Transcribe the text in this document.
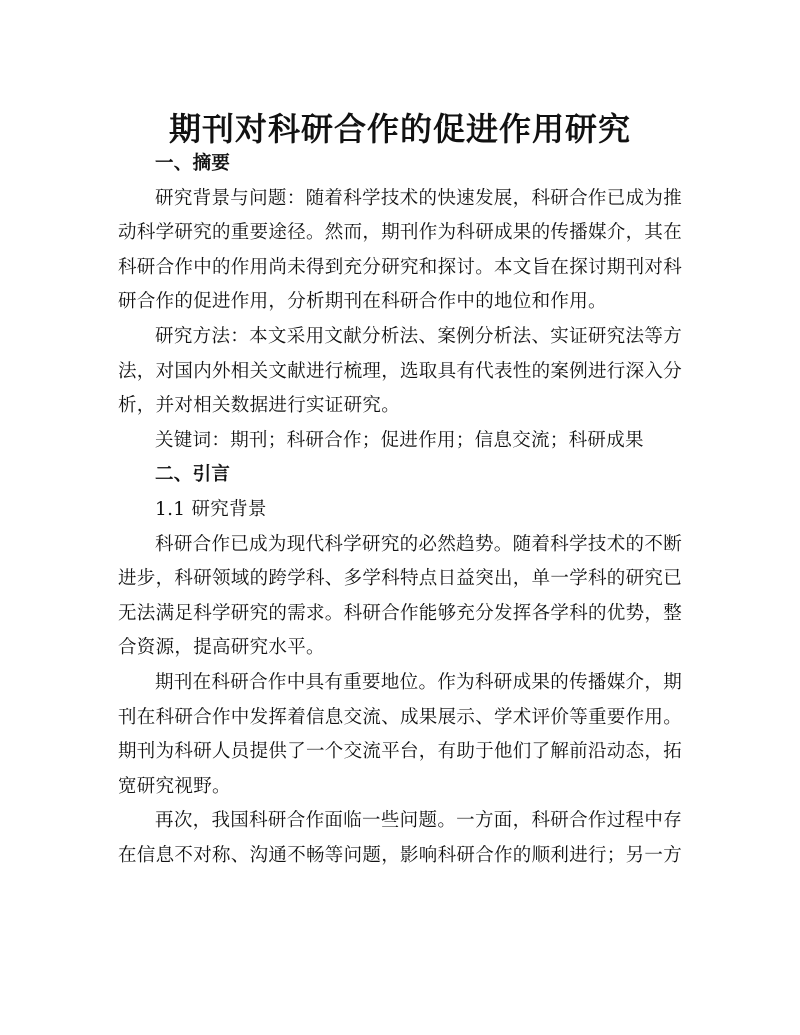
期刊对科研合作的促进作用研究

一、摘要

研究背景与问题：随着科学技术的快速发展，科研合作已成为推动科学研究的重要途径。然而，期刊作为科研成果的传播媒介，其在科研合作中的作用尚未得到充分研究和探讨。本文旨在探讨期刊对科研合作的促进作用，分析期刊在科研合作中的地位和作用。

研究方法：本文采用文献分析法、案例分析法、实证研究法等方法，对国内外相关文献进行梳理，选取具有代表性的案例进行深入分析，并对相关数据进行实证研究。

关键词：期刊；科研合作；促进作用；信息交流；科研成果

二、引言

1.1 研究背景

科研合作已成为现代科学研究的必然趋势。随着科学技术的不断进步，科研领域的跨学科、多学科特点日益突出，单一学科的研究已无法满足科学研究的需求。科研合作能够充分发挥各学科的优势，整合资源，提高研究水平。

期刊在科研合作中具有重要地位。作为科研成果的传播媒介，期刊在科研合作中发挥着信息交流、成果展示、学术评价等重要作用。期刊为科研人员提供了一个交流平台，有助于他们了解前沿动态，拓宽研究视野。

再次，我国科研合作面临一些问题。一方面，科研合作过程中存在信息不对称、沟通不畅等问题，影响科研合作的顺利进行；另一方
